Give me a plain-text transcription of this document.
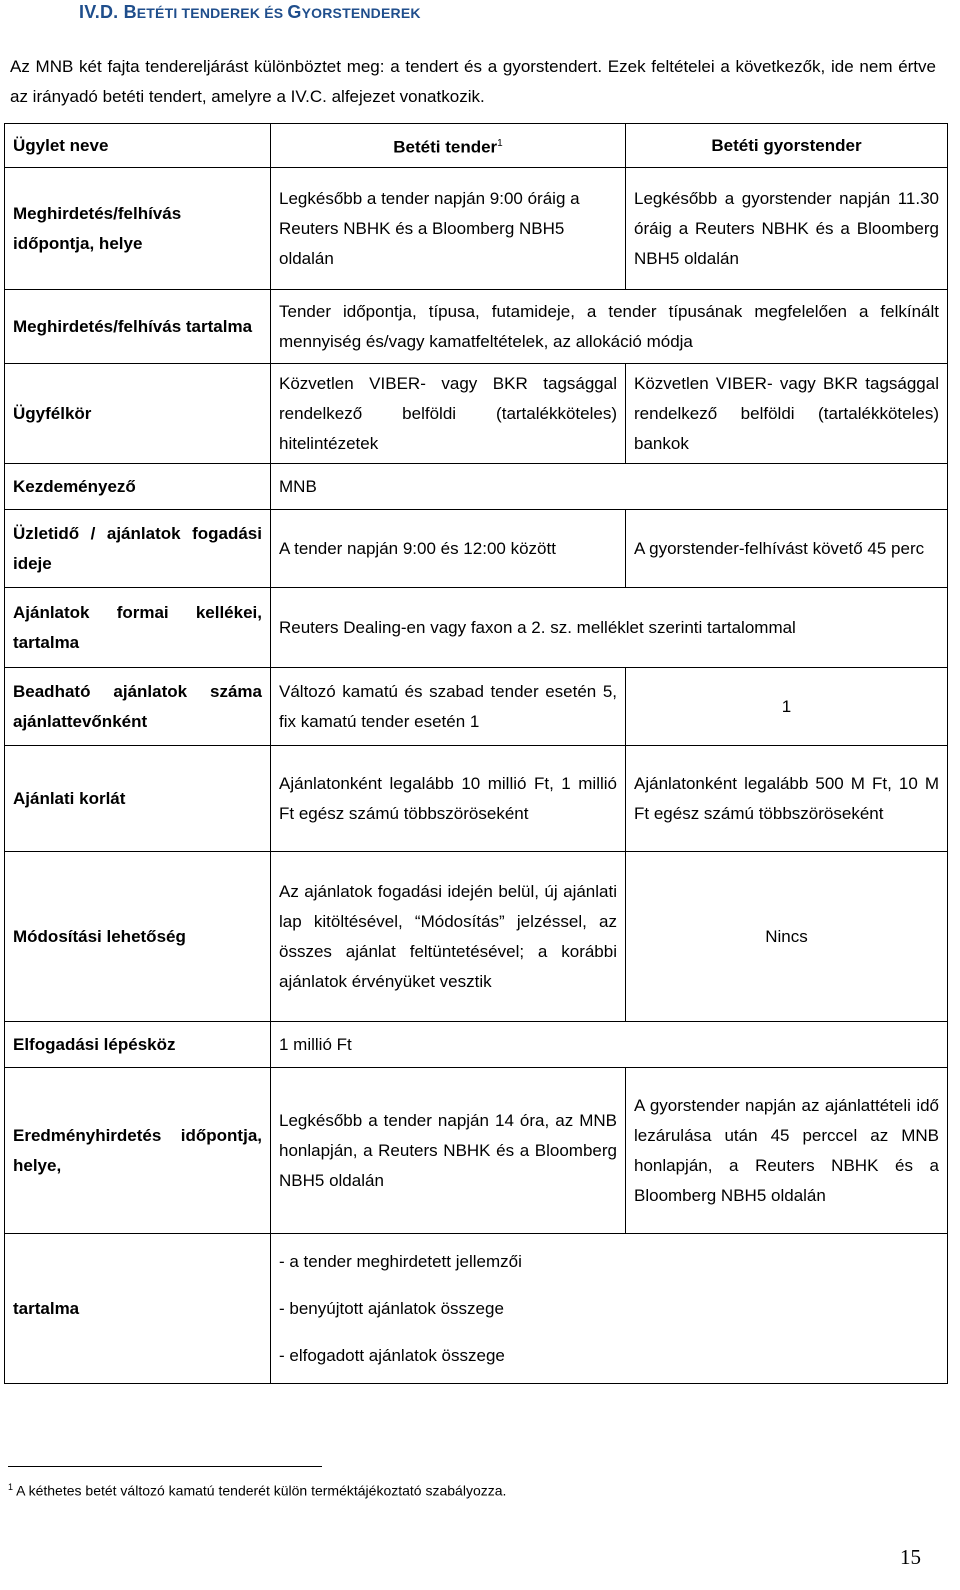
IV.D. BETÉTI TENDEREK ÉS GYORSTENDEREK
Az MNB két fajta tendereljárást különböztet meg: a tendert és a gyorstendert. Ezek feltételei a következők, ide nem értve az irányadó betéti tendert, amelyre a IV.C. alfejezet vonatkozik.
Ügylet neve	Betéti tender$^1$	Betéti gyorstender
Meghirdetés/felhívás időpontja, helye	Legkésőbb a tender napján 9:00 óráig a Reuters NBHK és a Bloomberg NBH5 oldalán	Legkésőbb a gyorstender napján 11.30 óráig a Reuters NBHK és a Bloomberg NBH5 oldalán
Meghirdetés/felhívás tartalma	Tender időpontja, típusa, futamideje, a tender típusának megfelelően a felkínált mennyiség és/vagy kamatfeltételek, az allokáció módja	
Ügyfélkör	Közvetlen VIBER- vagy BKR tagsággal rendelkező belföldi (tartalékköteles) hitelintézetek	Közvetlen VIBER- vagy BKR tagsággal rendelkező belföldi (tartalékköteles) bankok
Kezdeményező	MNB	
Üzletidő / ajánlatok fogadási ideje	A tender napján 9:00 és 12:00 között	A gyorstender-felhívást követő 45 perc
Ajánlatok formai kellékei, tartalma	Reuters Dealing-en vagy faxon a 2. sz. melléklet szerinti tartalommal	
Beadható ajánlatok száma ajánlattevőnként	Változó kamatú és szabad tender esetén 5, fix kamatú tender esetén 1	1
Ajánlati korlát	Ajánlatonként legalább 10 millió Ft, 1 millió Ft egész számú többszöröseként	Ajánlatonként legalább 500 M Ft, 10 M Ft egész számú többszöröseként
Módosítási lehetőség	Az ajánlatok fogadási idején belül, új ajánlati lap kitöltésével, “Módosítás” jelzéssel, az összes ajánlat feltüntetésével; a korábbi ajánlatok érvényüket vesztik	Nincs
Elfogadási lépésköz	1 millió Ft	
Eredményhirdetés időpontja, helye,	Legkésőbb a tender napján 14 óra, az MNB honlapján, a Reuters NBHK és a Bloomberg NBH5 oldalán	A gyorstender napján az ajánlattételi idő lezárulása után 45 perccel az MNB honlapján, a Reuters NBHK és a Bloomberg NBH5 oldalán
tartalma	- a tender meghirdetett jellemzői
- benyújtott ajánlatok összege
- elfogadott ajánlatok összege	
$^1$ A kéthetes betét változó kamatú tenderét külön terméktájékoztató szabályozza.
15
